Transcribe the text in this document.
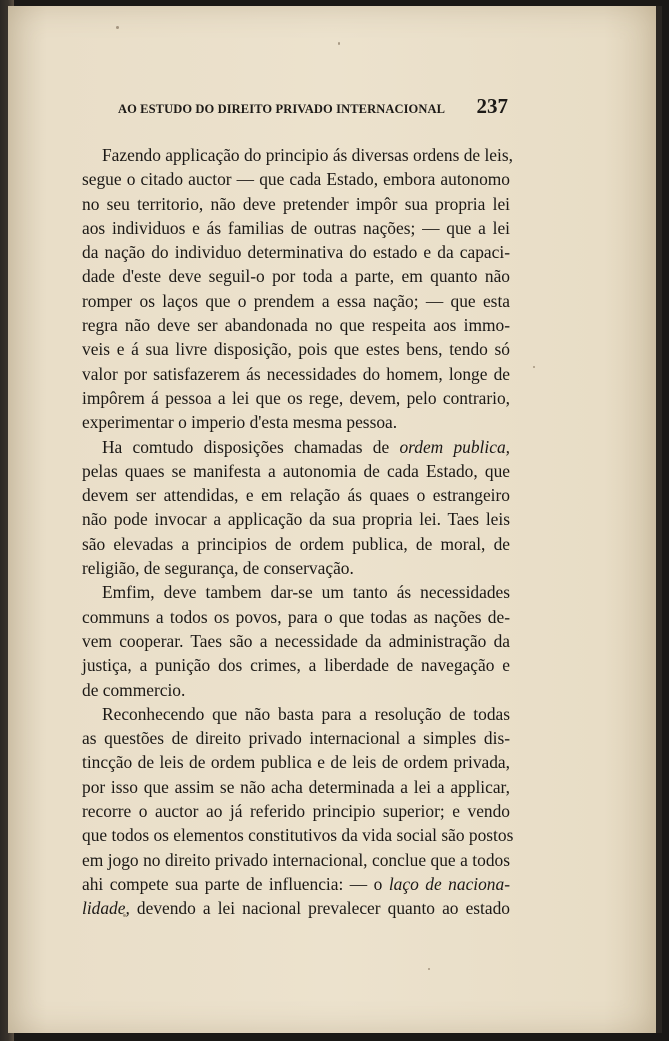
AO ESTUDO DO DIREITO PRIVADO INTERNACIONAL 237
Fazendo applicação do principio ás diversas ordens de leis,
segue o citado auctor — que cada Estado, embora autonomo
no seu territorio, não deve pretender impôr sua propria lei
aos individuos e ás familias de outras nações; — que a lei
da nação do individuo determinativa do estado e da capaci-
dade d'este deve seguil-o por toda a parte, em quanto não
romper os laços que o prendem a essa nação; — que esta
regra não deve ser abandonada no que respeita aos immo-
veis e á sua livre disposição, pois que estes bens, tendo só
valor por satisfazerem ás necessidades do homem, longe de
impôrem á pessoa a lei que os rege, devem, pelo contrario,
experimentar o imperio d'esta mesma pessoa.
Ha comtudo disposições chamadas de ordem publica,
pelas quaes se manifesta a autonomia de cada Estado, que
devem ser attendidas, e em relação ás quaes o estrangeiro
não pode invocar a applicação da sua propria lei. Taes leis
são elevadas a principios de ordem publica, de moral, de
religião, de segurança, de conservação.
Emfim, deve tambem dar-se um tanto ás necessidades
communs a todos os povos, para o que todas as nações de-
vem cooperar. Taes são a necessidade da administração da
justiça, a punição dos crimes, a liberdade de navegação e
de commercio.
Reconhecendo que não basta para a resolução de todas
as questões de direito privado internacional a simples dis-
tincção de leis de ordem publica e de leis de ordem privada,
por isso que assim se não acha determinada a lei a applicar,
recorre o auctor ao já referido principio superior; e vendo
que todos os elementos constitutivos da vida social são postos
em jogo no direito privado internacional, conclue que a todos
ahi compete sua parte de influencia: — o laço de naciona-
lidade, devendo a lei nacional prevalecer quanto ao estado
